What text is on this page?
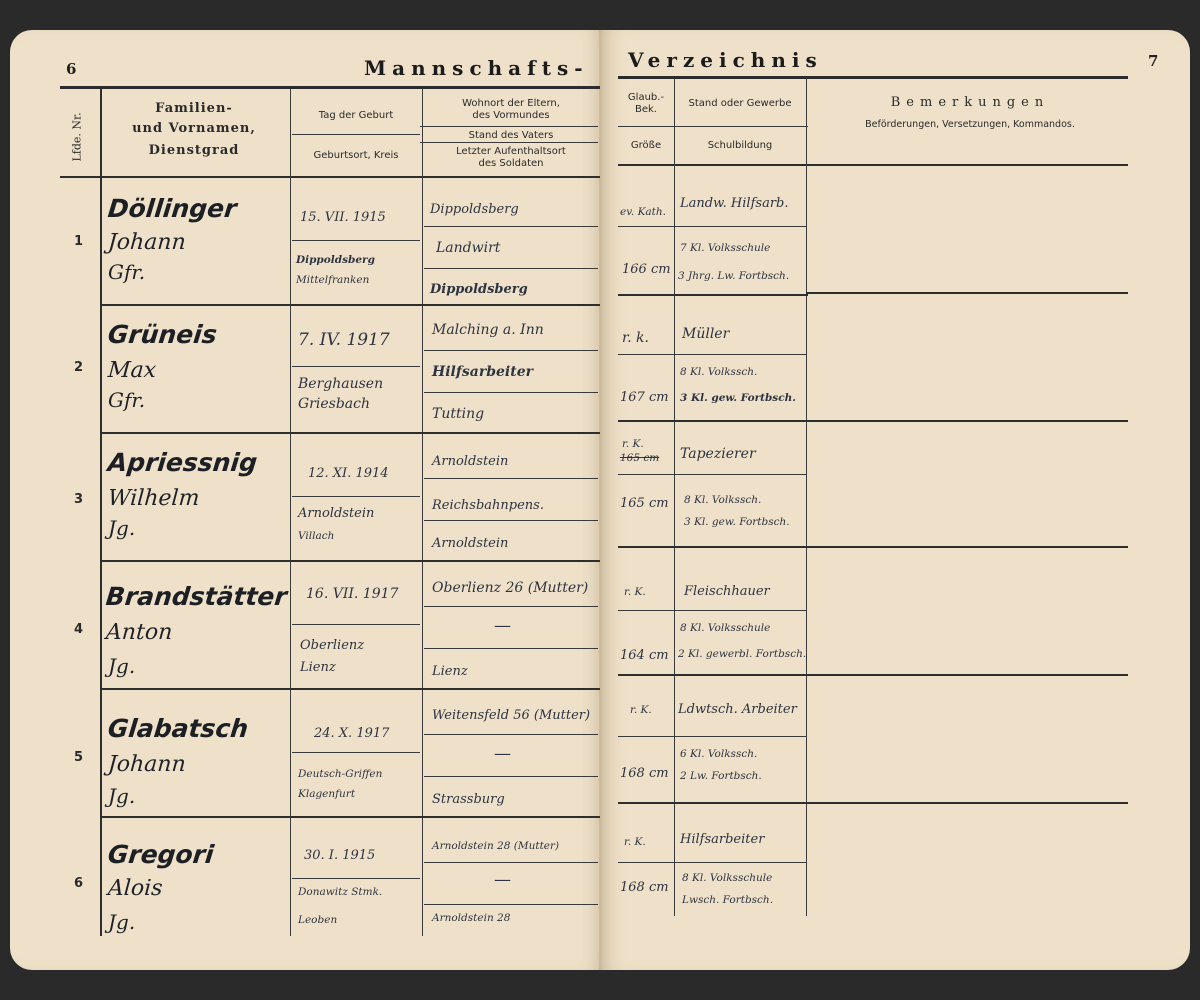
6	7
Mannschafts- Verzeichnis
Lfde. Nr.
Familien-
und Vornamen,
Dienstgrad
Tag der Geburt
Geburtsort, Kreis
Wohnort der Eltern,
des Vormundes
Stand des Vaters
Letzter Aufenthaltsort
des Soldaten
Glaub.-
Bek.
Größe
Stand oder Gewerbe
Schulbildung
Bemerkungen
Beförderungen, Versetzungen, Kommandos.
1
2
3
4
5
6
Döllinger
Johann
Gfr.
15. VII. 1915
Dippoldsberg
Mittelfranken
Dippoldsberg
Landwirt
Dippoldsberg
ev. Kath.
166 cm
Landw. Hilfsarb.
7 Kl. Volksschule
3 Jhrg. Lw. Fortbsch.
Grüneis
Max
Gfr.
7. IV. 1917
Berghausen
Griesbach
Malching a. Inn
Hilfsarbeiter
Tutting
r. k.
167 cm
Müller
8 Kl. Volkssch.
3 Kl. gew. Fortbsch.
Apriessnig
Wilhelm
Jg.
12. XI. 1914
Arnoldstein
Villach
Arnoldstein
Reichsbahnpens.
Arnoldstein
r. K.
165 cm
165 cm
Tapezierer
8 Kl. Volkssch.
3 Kl. gew. Fortbsch.
Brandstätter
Anton
Jg.
16. VII. 1917
Oberlienz
Lienz
Oberlienz 26 (Mutter)
—
Lienz
r. K.
164 cm
Fleischhauer
8 Kl. Volksschule
2 Kl. gewerbl. Fortbsch.
Glabatsch
Johann
Jg.
24. X. 1917
Deutsch-Griffen
Klagenfurt
Weitensfeld 56 (Mutter)
—
Strassburg
r. K.
168 cm
Ldwtsch. Arbeiter
6 Kl. Volkssch.
2 Lw. Fortbsch.
Gregori
Alois
Jg.
30. I. 1915
Donawitz Stmk.
Leoben
Arnoldstein 28 (Mutter)
—
Arnoldstein 28
r. K.
168 cm
Hilfsarbeiter
8 Kl. Volksschule
Lwsch. Fortbsch.
